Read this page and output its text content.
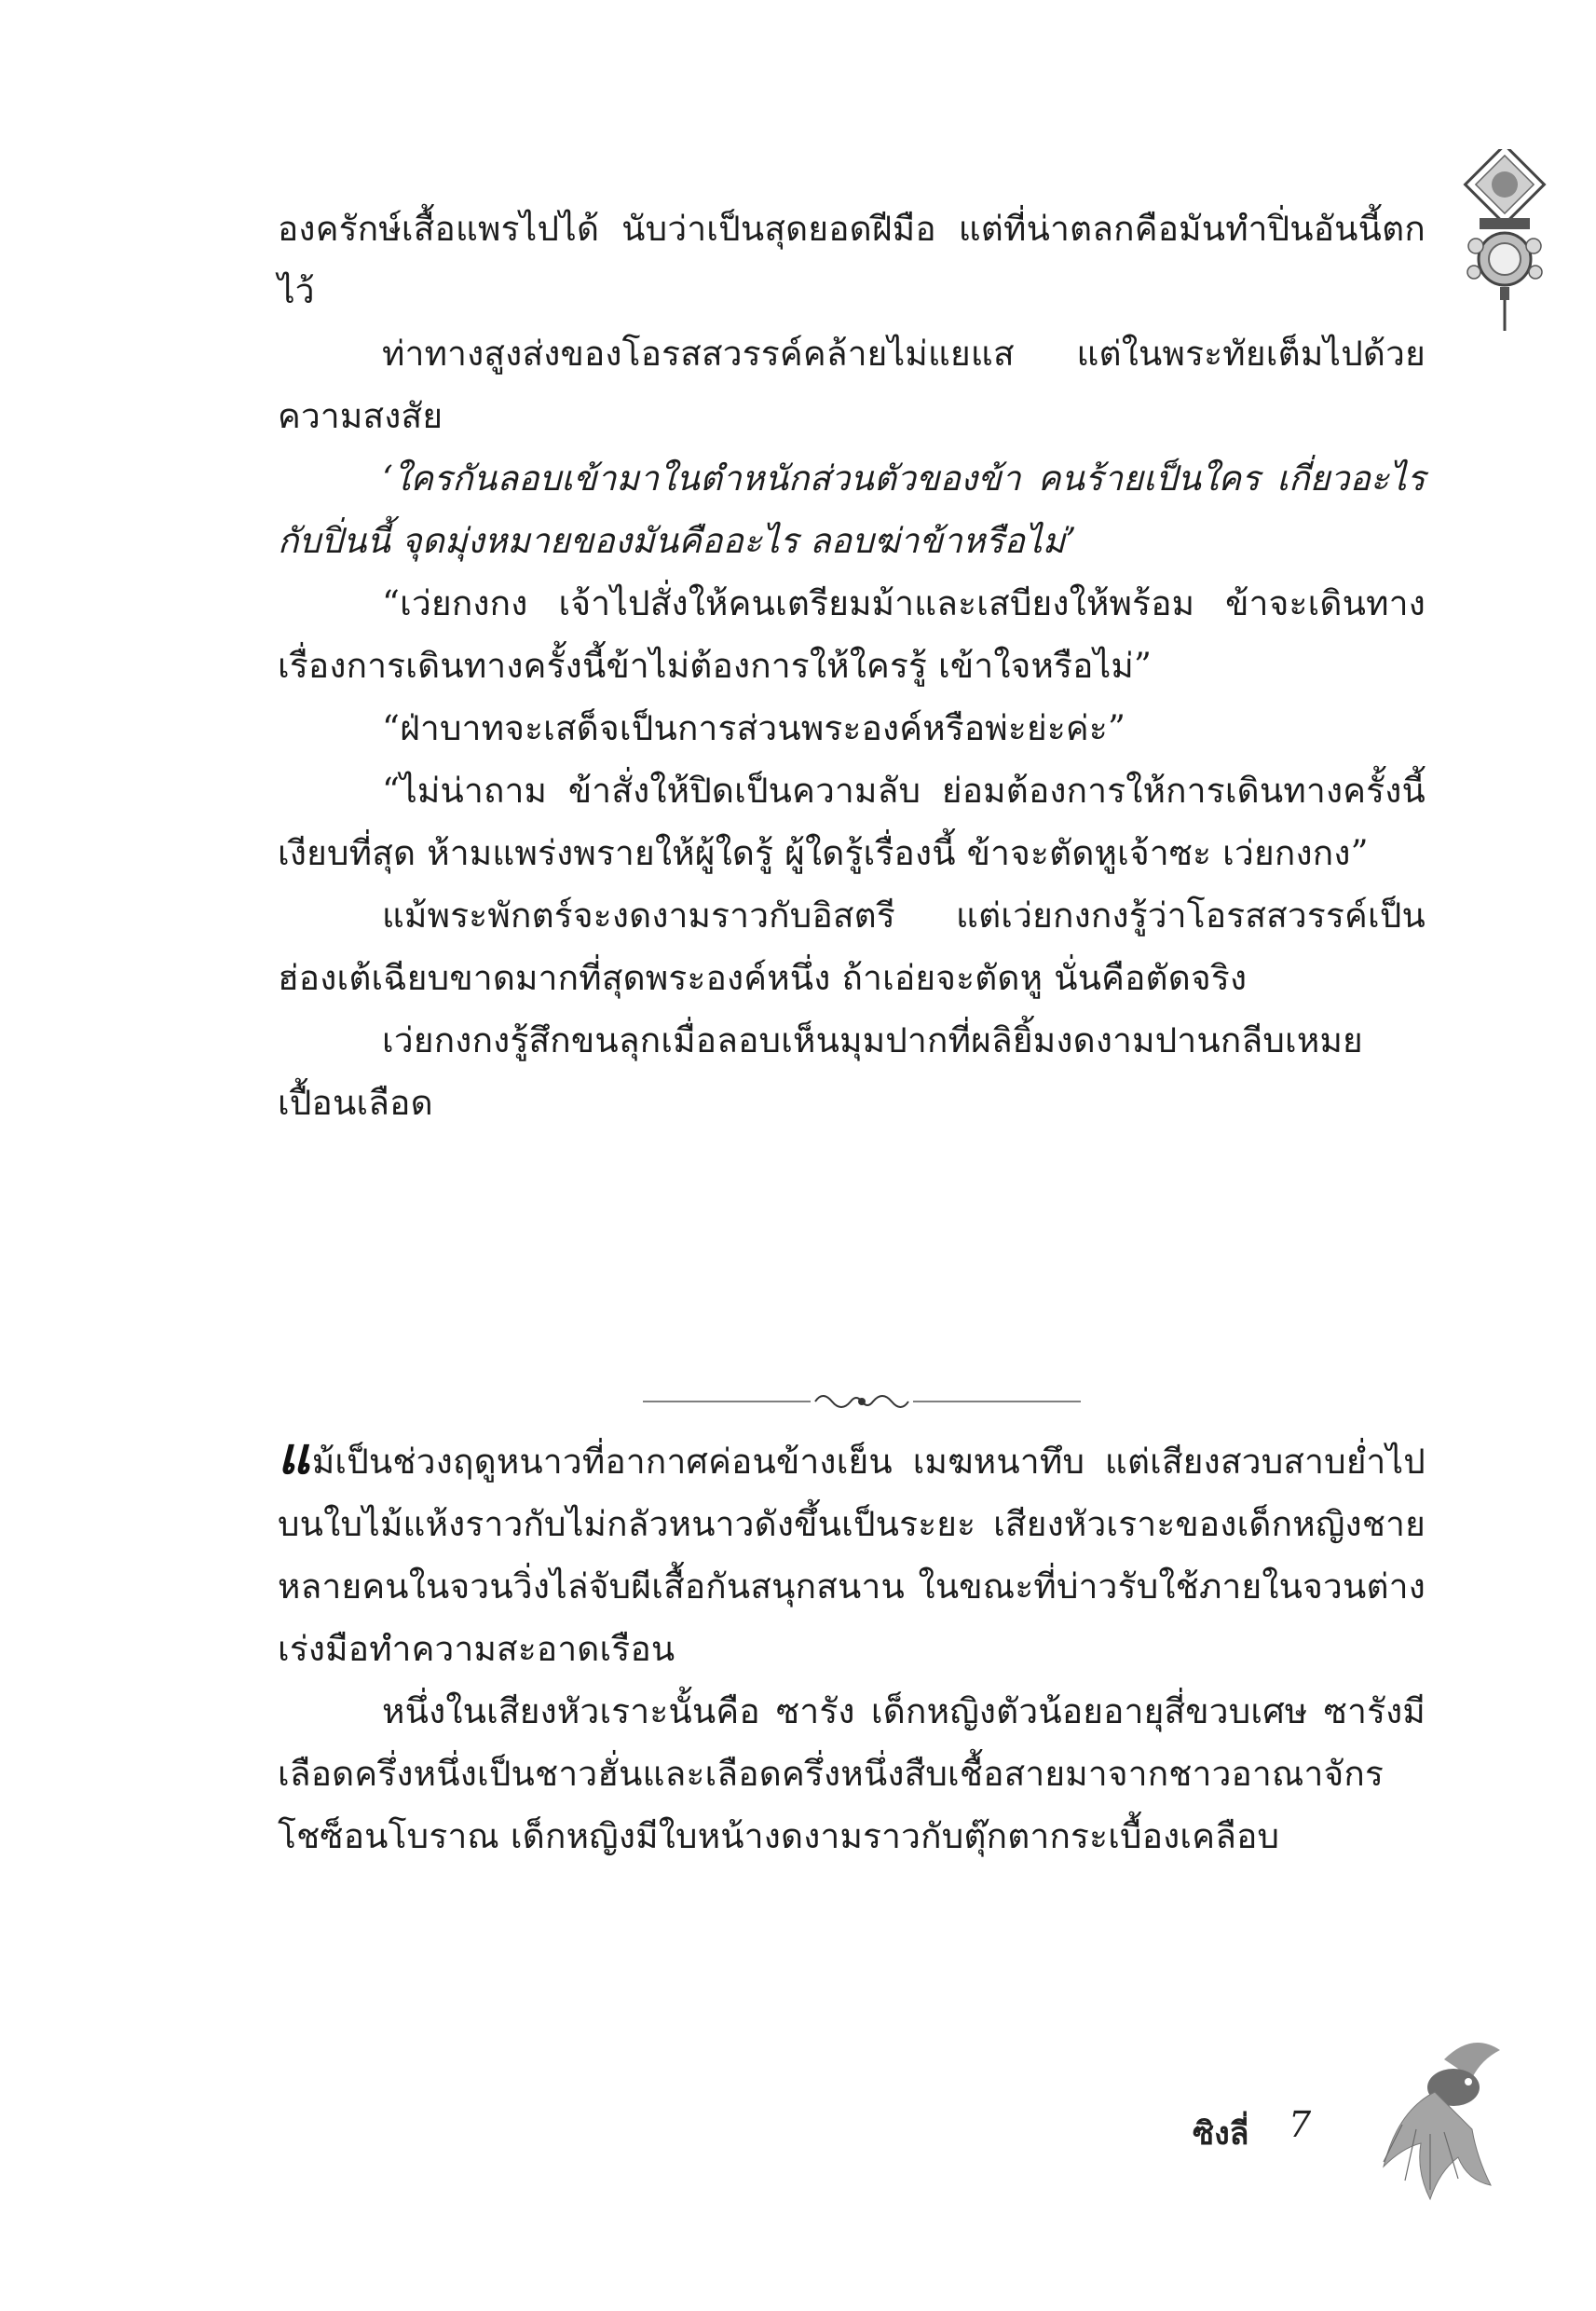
องครักษ์เสื้อแพรไปได้ นับว่าเป็นสุดยอดฝีมือ แต่ที่น่าตลกคือมันทำปิ่นอันนี้ตกไว้

ท่าทางสูงส่งของโอรสสวรรค์คล้ายไม่แยแส แต่ในพระทัยเต็มไปด้วยความสงสัย

‘ใครกันลอบเข้ามาในตำหนักส่วนตัวของข้า คนร้ายเป็นใคร เกี่ยวอะไรกับปิ่นนี้ จุดมุ่งหมายของมันคืออะไร ลอบฆ่าข้าหรือไม่’

“เว่ยกงกง เจ้าไปสั่งให้คนเตรียมม้าและเสบียงให้พร้อม ข้าจะเดินทาง เรื่องการเดินทางครั้งนี้ข้าไม่ต้องการให้ใครรู้ เข้าใจหรือไม่”

“ฝ่าบาทจะเสด็จเป็นการส่วนพระองค์หรือพ่ะย่ะค่ะ”

“ไม่น่าถาม ข้าสั่งให้ปิดเป็นความลับ ย่อมต้องการให้การเดินทางครั้งนี้เงียบที่สุด ห้ามแพร่งพรายให้ผู้ใดรู้ ผู้ใดรู้เรื่องนี้ ข้าจะตัดหูเจ้าซะ เว่ยกงกง”

แม้พระพักตร์จะงดงามราวกับอิสตรี แต่เว่ยกงกงรู้ว่าโอรสสวรรค์เป็นฮ่องเต้เฉียบขาดมากที่สุดพระองค์หนึ่ง ถ้าเอ่ยจะตัดหู นั่นคือตัดจริง

เว่ยกงกงรู้สึกขนลุกเมื่อลอบเห็นมุมปากที่ผลิยิ้มงดงามปานกลีบเหมยเปื้อนเลือด

แ ม้เป็นช่วงฤดูหนาวที่อากาศค่อนข้างเย็น เมฆหนาทึบ แต่เสียงสวบสาบย่ำไปบนใบไม้แห้งราวกับไม่กลัวหนาวดังขึ้นเป็นระยะ เสียงหัวเราะของเด็กหญิงชายหลายคนในจวนวิ่งไล่จับผีเสื้อกันสนุกสนาน ในขณะที่บ่าวรับใช้ภายในจวนต่างเร่งมือทำความสะอาดเรือน

หนึ่งในเสียงหัวเราะนั้นคือ ซารัง เด็กหญิงตัวน้อยอายุสี่ขวบเศษ ซารังมีเลือดครึ่งหนึ่งเป็นชาวฮั่นและเลือดครึ่งหนึ่งสืบเชื้อสายมาจากชาวอาณาจักรโชซ็อนโบราณ เด็กหญิงมีใบหน้างดงามราวกับตุ๊กตากระเบื้องเคลือบ

ซิงลี่ 7
